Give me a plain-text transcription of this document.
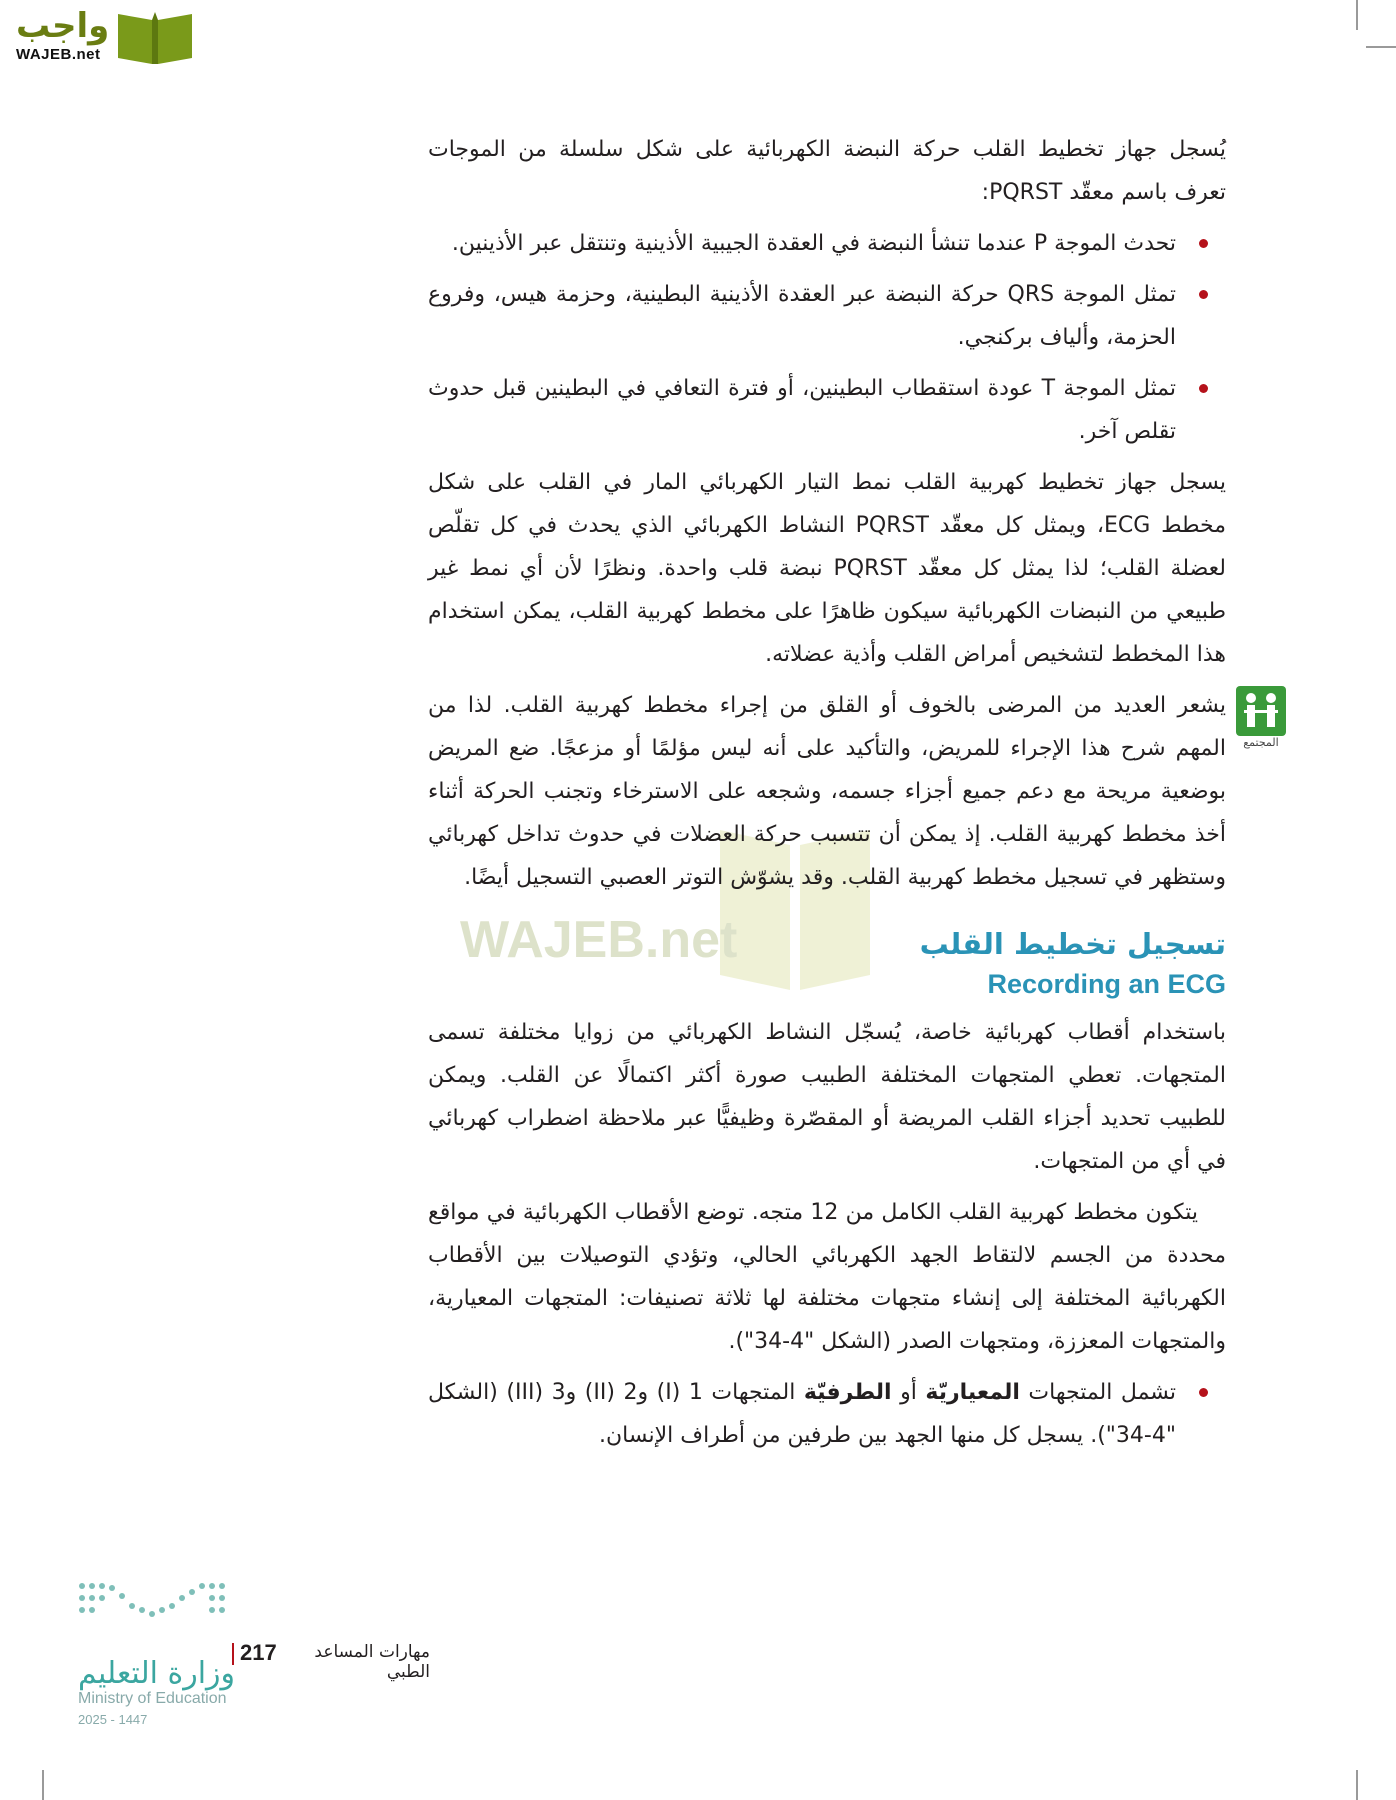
واجب
WAJEB.net
WAJEB.net

يُسجل جهاز تخطيط القلب حركة النبضة الكهربائية على شكل سلسلة من الموجات تعرف باسم معقّد PQRST:

تحدث الموجة P عندما تنشأ النبضة في العقدة الجيبية الأذينية وتنتقل عبر الأذينين.
تمثل الموجة QRS حركة النبضة عبر العقدة الأذينية البطينية، وحزمة هيس، وفروع الحزمة، وألياف بركنجي.
تمثل الموجة T عودة استقطاب البطينين، أو فترة التعافي في البطينين قبل حدوث تقلص آخر.

يسجل جهاز تخطيط كهربية القلب نمط التيار الكهربائي المار في القلب على شكل مخطط ECG، ويمثل كل معقّد PQRST النشاط الكهربائي الذي يحدث في كل تقلّص لعضلة القلب؛ لذا يمثل كل معقّد PQRST نبضة قلب واحدة. ونظرًا لأن أي نمط غير طبيعي من النبضات الكهربائية سيكون ظاهرًا على مخطط كهربية القلب، يمكن استخدام هذا المخطط لتشخيص أمراض القلب وأذية عضلاته.

المجتمع

يشعر العديد من المرضى بالخوف أو القلق من إجراء مخطط كهربية القلب. لذا من المهم شرح هذا الإجراء للمريض، والتأكيد على أنه ليس مؤلمًا أو مزعجًا. ضع المريض بوضعية مريحة مع دعم جميع أجزاء جسمه، وشجعه على الاسترخاء وتجنب الحركة أثناء أخذ مخطط كهربية القلب. إذ يمكن أن تتسبب حركة العضلات في حدوث تداخل كهربائي وستظهر في تسجيل مخطط كهربية القلب. وقد يشوّش التوتر العصبي التسجيل أيضًا.

تسجيل تخطيط القلب
Recording an ECG

باستخدام أقطاب كهربائية خاصة، يُسجّل النشاط الكهربائي من زوايا مختلفة تسمى المتجهات. تعطي المتجهات المختلفة الطبيب صورة أكثر اكتمالًا عن القلب. ويمكن للطبيب تحديد أجزاء القلب المريضة أو المقصّرة وظيفيًّا عبر ملاحظة اضطراب كهربائي في أي من المتجهات.

يتكون مخطط كهربية القلب الكامل من 12 متجه. توضع الأقطاب الكهربائية في مواقع محددة من الجسم لالتقاط الجهد الكهربائي الحالي، وتؤدي التوصيلات بين الأقطاب الكهربائية المختلفة إلى إنشاء متجهات مختلفة لها ثلاثة تصنيفات: المتجهات المعيارية، والمتجهات المعززة، ومتجهات الصدر (الشكل "4-34").

تشمل المتجهات المعياريّة أو الطرفيّة المتجهات 1 (I) و2 (II) و3 (III) (الشكل "4-34"). يسجل كل منها الجهد بين طرفين من أطراف الإنسان.
217	مهارات المساعد الطبي
وزارة التعليم
Ministry of Education
2025 - 1447
